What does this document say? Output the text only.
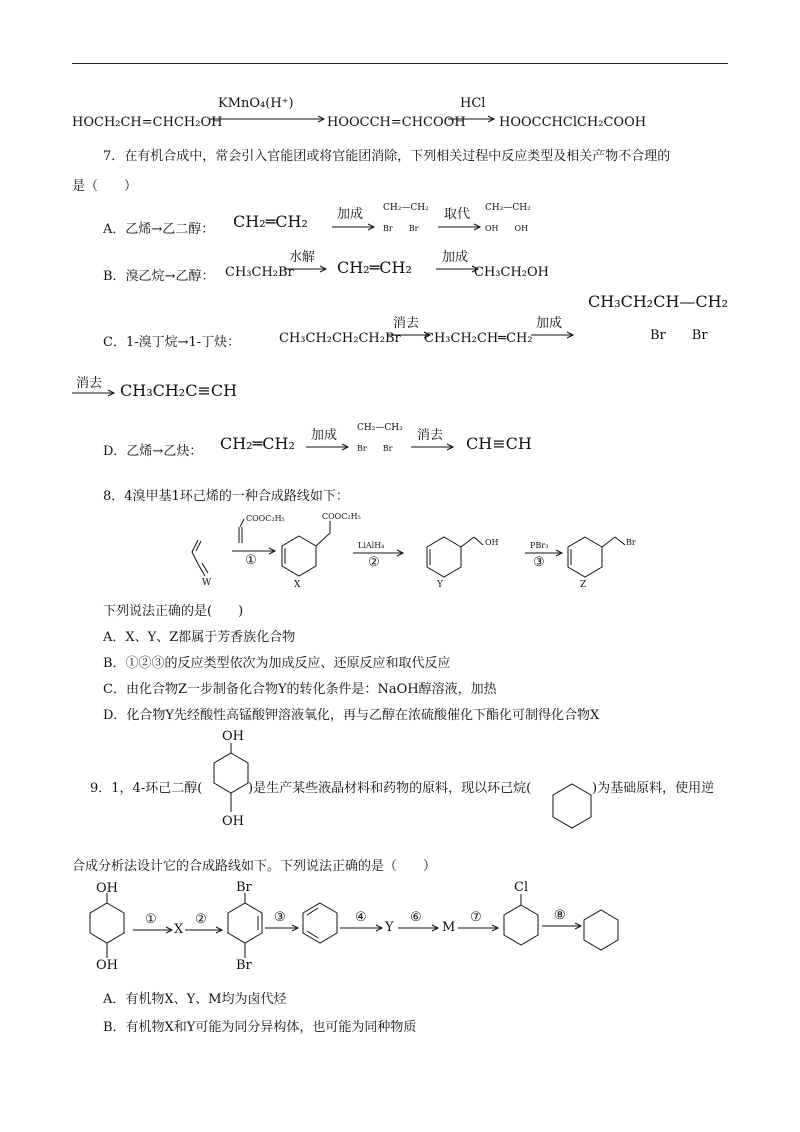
HOCH₂CH=CHCH₂OH
KMnO₄(H⁺)
HOOCCH=CHCOOH
HCl
→ HOOCCHClCH₂COOH
7．在有机合成中，常会引入官能团或将官能团消除，下列相关过程中反应类型及相关产物不合理的
是（　　）
A．乙烯→乙二醇： CH₂═CH₂ 加成 CH₂—CH₂
Br　　Br
取代 CH₂—CH₂
OH　　OH
B．溴乙烷→乙醇： CH₃CH₂Br
水解
CH₂═CH₂
加成
CH₃CH₂OH
C．1-溴丁烷→1-丁炔：	CH₃CH₂CH₂CH₂Br
消去
CH₃CH₂CH═CH₂
加成
CH₃CH₂CH—CH₂
Br　　Br
消去 CH₃CH₂C≡CH
D．乙烯→乙炔： CH₂═CH₂ 加成 CH₂—CH₂
Br　　Br
消去 CH≡CH
8．4溴甲基1环己烯的一种合成路线如下：
COOC₂H₅
①
COOC₂H₅
LiAlH₄
②
OH	PBr₃
③
Br
W	X	Y	Z
下列说法正确的是(　　)
A．X、Y、Z都属于芳香族化合物
B．①②③的反应类型依次为加成反应、还原反应和取代反应
C．由化合物Z一步制备化合物Y的转化条件是：NaOH醇溶液，加热
D．化合物Y先经酸性高锰酸钾溶液氧化，再与乙醇在浓硫酸催化下酯化可制得化合物X
OH
OH
9．1，4-环己二醇(	)是生产某些液晶材料和药物的原料，现以环己烷(	)为基础原料，使用逆
合成分析法设计它的合成路线如下。下列说法正确的是（　　）
OH
OH
Br
Br
Cl
X	Y	M
①	②	③	④	⑥	⑦	⑧
A．有机物X、Y、M均为卤代烃
B．有机物X和Y可能为同分异构体，也可能为同种物质
